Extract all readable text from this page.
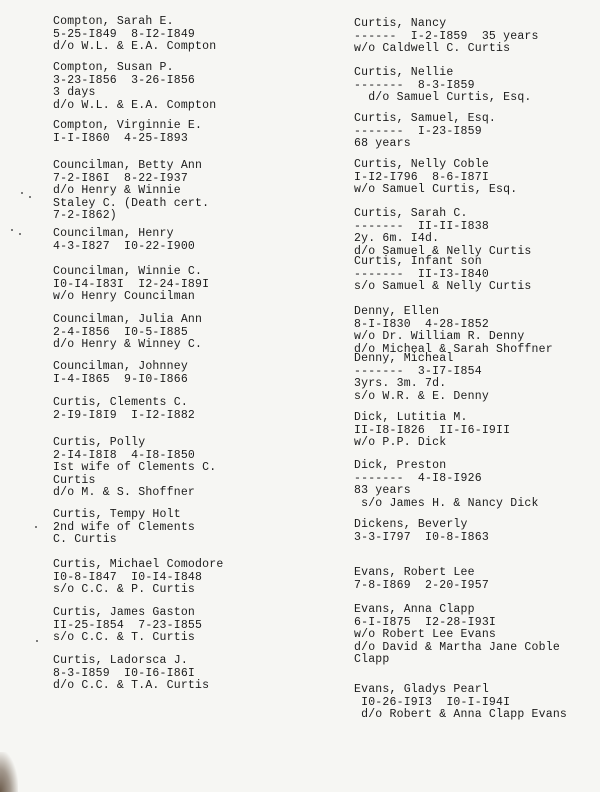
Compton, Sarah E.
5-25-I849  8-I2-I849
d/o W.L. & E.A. Compton
Compton, Susan P.
3-23-I856  3-26-I856
3 days
d/o W.L. & E.A. Compton
Compton, Virginnie E.
I-I-I860  4-25-I893
Councilman, Betty Ann
7-2-I86I  8-22-I937
d/o Henry & Winnie
Staley C. (Death cert.
7-2-I862)
Councilman, Henry
4-3-I827  I0-22-I900
Councilman, Winnie C.
I0-I4-I83I  I2-24-I89I
w/o Henry Councilman
Councilman, Julia Ann
2-4-I856  I0-5-I885
d/o Henry & Winney C.
Councilman, Johnney
I-4-I865  9-I0-I866
Curtis, Clements C.
2-I9-I8I9  I-I2-I882
Curtis, Polly
2-I4-I8I8  4-I8-I850
Ist wife of Clements C.
Curtis
d/o M. & S. Shoffner
Curtis, Tempy Holt
2nd wife of Clements
C. Curtis
Curtis, Michael Comodore
I0-8-I847  I0-I4-I848
s/o C.C. & P. Curtis
Curtis, James Gaston
II-25-I854  7-23-I855
s/o C.C. & T. Curtis
Curtis, Ladorsca J.
8-3-I859  I0-I6-I86I
d/o C.C. & T.A. Curtis
Curtis, Nancy
------  I-2-I859  35 years
w/o Caldwell C. Curtis
Curtis, Nellie
-------  8-3-I859
d/o Samuel Curtis, Esq.
Curtis, Samuel, Esq.
-------  I-23-I859
68 years
Curtis, Nelly Coble
I-I2-I796  8-6-I87I
w/o Samuel Curtis, Esq.
Curtis, Sarah C.
-------  II-II-I838
2y. 6m. I4d.
d/o Samuel & Nelly Curtis
Curtis, Infant son
-------  II-I3-I840
s/o Samuel & Nelly Curtis
Denny, Ellen
8-I-I830  4-28-I852
w/o Dr. William R. Denny
d/o Micheal & Sarah Shoffner
Denny, Micheal
-------  3-I7-I854
3yrs. 3m. 7d.
s/o W.R. & E. Denny
Dick, Lutitia M.
II-I8-I826  II-I6-I9II
w/o P.P. Dick
Dick, Preston
-------  4-I8-I926
83 years
s/o James H. & Nancy Dick
Dickens, Beverly
3-3-I797  I0-8-I863
Evans, Robert Lee
7-8-I869  2-20-I957
Evans, Anna Clapp
6-I-I875  I2-28-I93I
w/o Robert Lee Evans
d/o David & Martha Jane Coble
Clapp
Evans, Gladys Pearl
I0-26-I9I3  I0-I-I94I
d/o Robert & Anna Clapp Evans
